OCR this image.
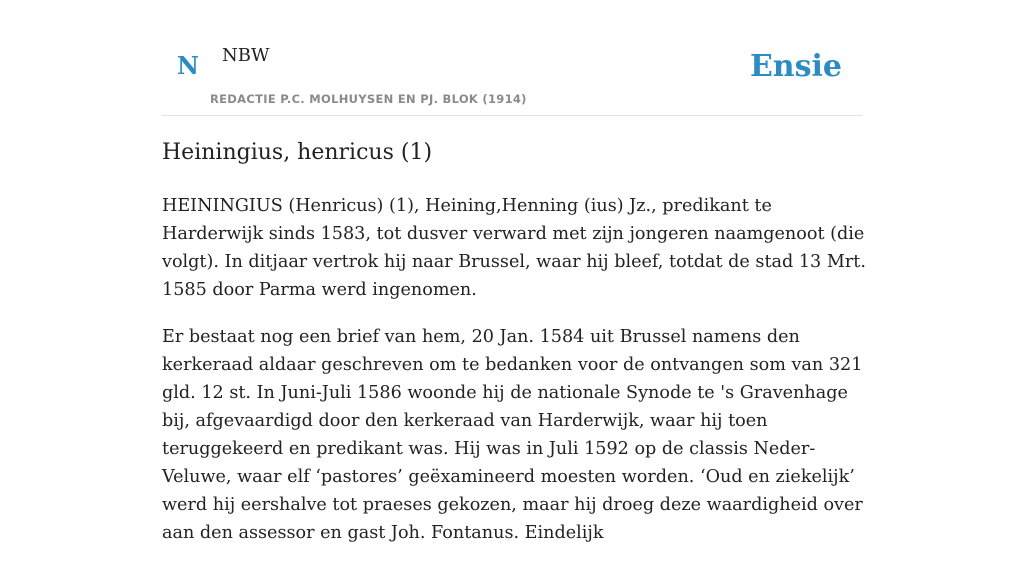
N NBW
REDACTIE P.C. MOLHUYSEN EN PJ. BLOK (1914)
Ensie
Heiningius, henricus (1)

HEININGIUS (Henricus) (1), Heining,Henning (ius) Jz., predikant te Harderwijk sinds 1583, tot dusver verward met zijn jongeren naamgenoot (die volgt). In ditjaar vertrok hij naar Brussel, waar hij bleef, totdat de stad 13 Mrt. 1585 door Parma werd ingenomen.

Er bestaat nog een brief van hem, 20 Jan. 1584 uit Brussel namens den kerkeraad aldaar geschreven om te bedanken voor de ontvangen som van 321 gld. 12 st. In Juni-Juli 1586 woonde hij de nationale Synode te 's Gravenhage bij, afgevaardigd door den kerkeraad van Harderwijk, waar hij toen teruggekeerd en predikant was. Hij was in Juli 1592 op de classis Neder-Veluwe, waar elf ‘pastores’ geëxamineerd moesten worden. ‘Oud en ziekelijk’ werd hij eershalve tot praeses gekozen, maar hij droeg deze waardigheid over aan den assessor en gast Joh. Fontanus. Eindelijk
